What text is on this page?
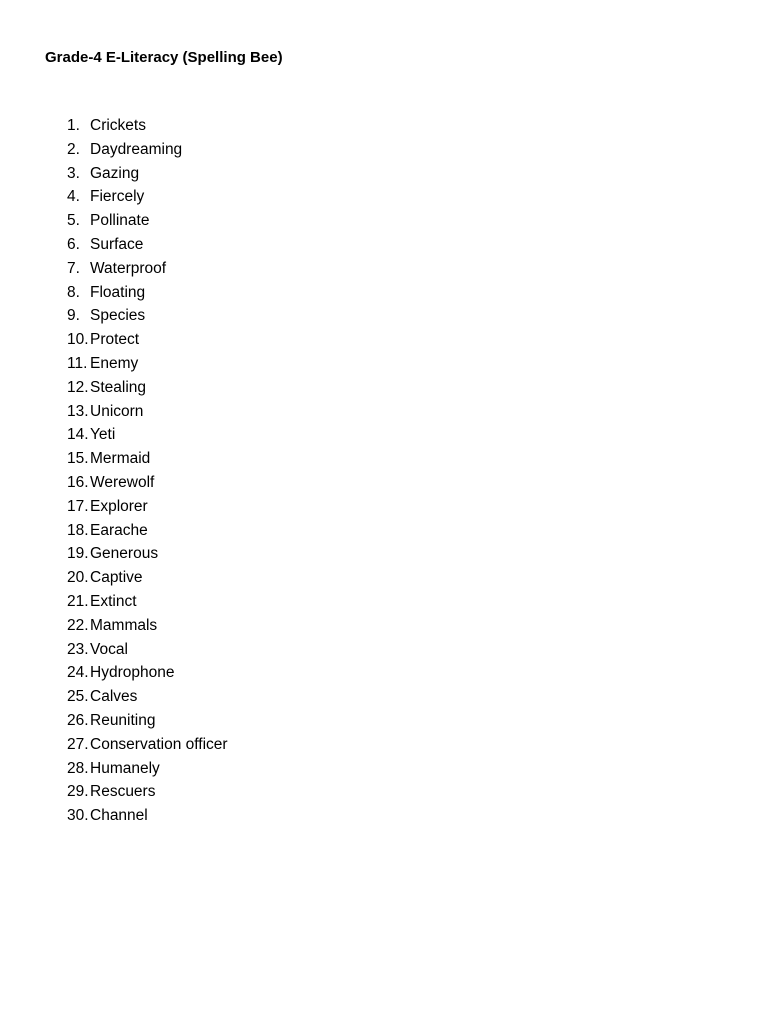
Grade-4 E-Literacy (Spelling Bee)
1. Crickets
2. Daydreaming
3. Gazing
4. Fiercely
5. Pollinate
6. Surface
7. Waterproof
8. Floating
9. Species
10. Protect
11. Enemy
12. Stealing
13. Unicorn
14. Yeti
15. Mermaid
16. Werewolf
17. Explorer
18. Earache
19. Generous
20. Captive
21. Extinct
22. Mammals
23. Vocal
24. Hydrophone
25. Calves
26. Reuniting
27. Conservation officer
28. Humanely
29. Rescuers
30. Channel
